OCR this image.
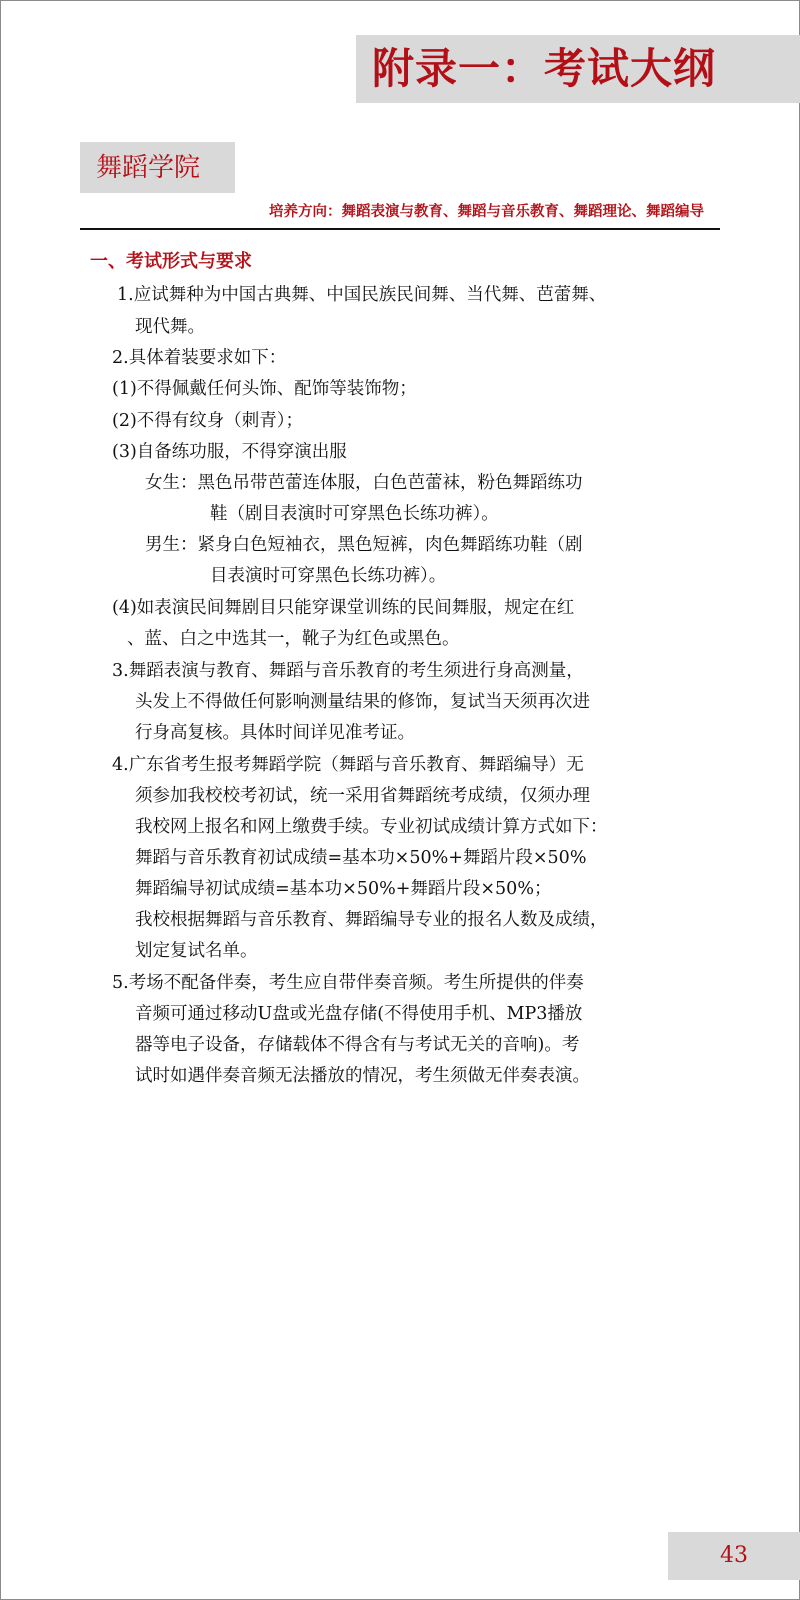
附录一：考试大纲
舞蹈学院
培养方向：舞蹈表演与教育、舞蹈与音乐教育、舞蹈理论、舞蹈编导
一、考试形式与要求
1.应试舞种为中国古典舞、中国民族民间舞、当代舞、芭蕾舞、
现代舞。
2.具体着装要求如下：
(1)不得佩戴任何头饰、配饰等装饰物；
(2)不得有纹身（刺青）；
(3)自备练功服，不得穿演出服
女生：黑色吊带芭蕾连体服，白色芭蕾袜，粉色舞蹈练功
鞋（剧目表演时可穿黑色长练功裤）。
男生：紧身白色短袖衣，黑色短裤，肉色舞蹈练功鞋（剧
目表演时可穿黑色长练功裤）。
(4)如表演民间舞剧目只能穿课堂训练的民间舞服，规定在红
、蓝、白之中选其一，靴子为红色或黑色。
3.舞蹈表演与教育、舞蹈与音乐教育的考生须进行身高测量，
头发上不得做任何影响测量结果的修饰，复试当天须再次进
行身高复核。具体时间详见准考证。
4.广东省考生报考舞蹈学院（舞蹈与音乐教育、舞蹈编导）无
须参加我校校考初试，统一采用省舞蹈统考成绩，仅须办理
我校网上报名和网上缴费手续。专业初试成绩计算方式如下：
舞蹈与音乐教育初试成绩=基本功×50%+舞蹈片段×50%
舞蹈编导初试成绩=基本功×50%+舞蹈片段×50%；
我校根据舞蹈与音乐教育、舞蹈编导专业的报名人数及成绩，
划定复试名单。
5.考场不配备伴奏，考生应自带伴奏音频。考生所提供的伴奏
音频可通过移动U盘或光盘存储(不得使用手机、MP3播放
器等电子设备，存储载体不得含有与考试无关的音响)。考
试时如遇伴奏音频无法播放的情况，考生须做无伴奏表演。
43
